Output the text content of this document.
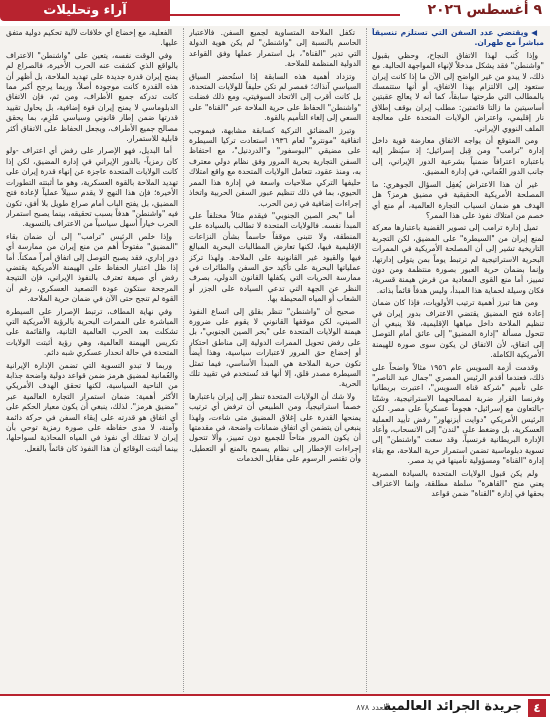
٩ أغسطس ٢٠٢٦
آراء وتحليلات

◀ويقتضي عدد السفن التي تستلزم تنسيقاً مباشراً مع طهران.

وإذا كُتب لهذا الاتفاق النجاح، وحظي بقبول "واشنطن" فقد يشكل مدخلاً لإنهاء المواجهة الحالية. مع ذلك، لا يبدو من غير الواضح إلى الآن ما إذا كانت إيران ستعود إلى الالتزام بهذا الاتفاق، أو أنها ستتمسك بالمطالب التي طرحتها سابقاً، كما أنه لا يعالج عقبتين أساسيتين ما زالتا قائمتين: مطلب إيران بوقف إطلاق نار إقليمي، واعتراض الولايات المتحدة على معالجة الملف النووي الإيراني.

ومن المتوقع أن يواجه الاتفاق معارضة قوية داخل إدارة "ترامب" ومن قِبل إسرائيل؛ إذ سيُنظر إليه باعتباره اعترافاً ضمنياً بشرعية الدور الإيراني، إلى جانب الدور العُماني، في إدارة المضيق.

غير أن هذا الاعتراض يُغفِل السؤال الجوهري: ما المصلحة الأمريكية الحقيقية في مضيق هرمز؟ هل الهدف هو ضمان انسياب التجارة العالمية، أم منع أي خصم من امتلاك نفوذ على هذا الممر؟

تميل إدارة ترامب إلى تصوير القضية باعتبارها معركة لمنع إيران من "السيطرة" على المضيق، لكن التجربة التاريخية تشير إلى أن المصلحة الأمريكية في الممرات البحرية الاستراتيجية لم ترتبط يوماً بمن يتولى إدارتها، وإنما بضمان حرية العبور بصورة منتظمة ومن دون تمييز، أما منع القوى المعادية من فرض هيمنة قسرية، فكان وسيلة لحماية هذا المبدأ، وليس هدفاً قائماً بذاته.

ومن هنا تبرز أهمية ترتيب الأولويات، فإذا كان ضمان إعادة فتح المضيق يقتضي الاعتراف بدور إيران في تنظيم الملاحة داخل مياهها الإقليمية، فلا ينبغي أن تتحول مسألة "إدارة المضيق" إلى عائق أمام التوصل إلى اتفاق، لأن الاتفاق لن يكون سوى صورة للهيمنة الأمريكية الكاملة.

وقدمت أزمة السويس عام ١٩٥٦ مثالاً واضحاً على ذلك، فعندما أقدم الرئيس المصري "جمال عبد الناصر" على تأميم "شركة قناة السويس"، اعتبرت بريطانيا وفرنسا القرار ضربة لمصالحهما الاستراتيجية، وشنّتا -بالتعاون مع إسرائيل- هجوماً عسكرياً على مصر. لكن الرئيس الأمريكي "دوايت أيزنهاور" رفض تأييد العملية العسكرية، بل وضغط على "لندن" إلى الانسحاب، وأعاد الإدارة البريطانية فرنسياً، وقد سعت "واشنطن" إلى تسوية دبلوماسية تضمن استمرار حرية الملاحة، مع بقاء إدارة "القناة" ومسؤولية تأمينها في يد مصر.

ولم يكن قبول الولايات المتحدة بالسيادة المصرية يعني منح "القاهرة" سلطة مطلقة، وإنما الاعتراف بحقها في إدارة "القناة" ضمن قواعد

تكفل الملاحة المتساوية لجميع السفن. فالاعتبار الحاسم بالنسبة إلى "واشنطن" لم يكن هوية الدولة التي تدير "القناة"، بل استمرار عملها وفق القواعد الدولية المنظمة للملاحة.

وتزداد أهمية هذه السابقة إذا استُحضر السياق السياسي آنذاك؛ فمصر لم تكن حليفاً للولايات المتحدة، بل كانت أقرب إلى الاتحاد السوفيتي، ومع ذلك فضلت "واشنطن" الحفاظ على حرية الملاحة عبر "القناة" على السعي إلى إلغاء التأميم بالقوة.

وتبرز المضائق التركية كسابقة مشابهة، فبموجب اتفاقية "مونترو" لعام ١٩٣٦ استعادت تركيا السيطرة على مضيقي "البوسفور" و"الدردنيل"، مع احتفاظ السفن التجارية بحرية المرور وفق نظام دولي معترف به، ومنذ عقود، تتعامل الولايات المتحدة مع واقع امتلاك حليفها التركي صلاحيات واسعة في إدارة هذا الممر الحيوي، بما في ذلك تنظيم عبور السفن الحربية واتخاذ إجراءات إضافية في زمن الحرب.

أما "بحر الصين الجنوبي" فيقدم مثالاً مختلفاً على المبدأ نفسه. فالولايات المتحدة لا تطالب بالسيادة على المنطقة، ولا تتبنى موقفاً حاسماً بشأن النزاعات الإقليمية فيها، لكنها تعارض المطالبات البحرية المبالغ فيها والقيود غير القانونية على الملاحة. ولهذا تركز عملياتها البحرية على تأكيد حق السفن والطائرات في ممارسة الحريات التي يكفلها القانون الدولي، بصرف النظر عن الجهة التي تدعي السيادة على الجزر أو الشعاب أو المياه المحيطة بها.

صحيح أن "واشنطن" تنظر بقلق إلى اتساع النفوذ الصيني، لكن موقفها القانوني لا يقوم على ضرورة هيمنة الولايات المتحدة على "بحر الصين الجنوبي"، بل على رفض تحويل الممرات الدولية إلى مناطق احتكار أو إخضاع حق المرور لاعتبارات سياسية، وهذا أيضاً تكون حرية الملاحة هي المبدأ الأساسي، فيما تمثل السيطرة مصدر قلق، إلا أنها قد تُستخدم في تقييد تلك الحرية.

ولا شك أن الولايات المتحدة تنظر إلى إيران باعتبارها خصماً استراتيجياً، ومن الطبيعي أن ترفض أي ترتيب يمنحها القدرة على إغلاق المضيق متى شاءت، ولهذا ينبغي أن يتضمن أي اتفاق ضمانات واضحة، في مقدمتها أن يكون المرور متاحاً للجميع دون تمييز، وألا تتحول إجراءات الإخطار إلى نظام يسمح بالمنع أو التعطيل، وأن تقتصر الرسوم على مقابل الخدمات

الفعلية، مع إخضاع أي خلافات لآلية تحكيم دولية متفق عليها.

وفي الوقت نفسه، يتعين على "واشنطن" الاعتراف بالواقع الذي كشفت عنه الحرب الأخيرة، فالصراع لم يمنح إيران قدرة جديدة على تهديد الملاحة، بل أظهر أن هذه القدرة كانت موجودة أصلاً، وربما يرجح أكبر مما كانت تدركه جميع الأطراف، ومن ثم، فإن الاتفاق الدبلوماسي لا يمنح إيران قوة إضافية، بل يحاول تقييد قدرتها ضمن إطار قانوني وسياسي مُلزِم، بما يحقق مصالح جميع الأطراف، ويجعل الحفاظ على الاتفاق أكثر قابلية للاستمرار.

أما البديل، فهو الإصرار على رفض أي اعتراف -ولو كان رمزياً- بالدور الإيراني في إدارة المضيق، لكن إذا كانت الولايات المتحدة عاجزة عن إنهاء قدرة إيران على تهديد الملاحة بالقوة العسكرية، وهو ما أثبتته التطورات الأخيرة؛ فإن هذا النهج لا يقدم سبيلاً عملياً لإعادة فتح المضيق، بل يفتح الباب أمام صراع طويل بلا أفق، تكون فيه "واشنطن" هدفاً بسبب تحقيقه، بينما يصبح استمرار الحرب خياراً أسهل سياسياً من الاعتراف بالتسوية.

وإذا خلص الرئيس "ترامب" إلى أن ضمان بقاء "المضيق" مفتوحاً أهم من منع إيران من ممارسة أي دور إداري، فقد يصبح التوصل إلى اتفاق أمراً ممكناً. أما إذا ظل اعتبار الحفاظ على الهيمنة الأمريكية يقتضي رفض أي صيغة تعترف بالنفوذ الإيراني، فإن النتيجة المرجحة ستكون عودة التصعيد العسكري، رغم أن القوة لم تنجح حتى الآن في ضمان حرية الملاحة.

وفي نهاية المطاف، ترتبط الإصرار على السيطرة المباشرة على الممرات البحرية بالرؤية الأمريكية التي تشكلت بعد الحرب العالمية الثانية، والقائمة على تكريس الهيمنة العالمية، وهي رؤية أثبتت الولايات المتحدة في حالة انحدار عسكري شبه دائم.

وربما لا تبدو التسوية التي تضمن الإدارة الإيرانية والعُمانية لمضيق هرمز ضمن قواعد دولية واضحة جذابة من الناحية السياسية، لكنها تحقق الهدف الأمريكي الأكثر أهمية: ضمان استمرار التجارة العالمية عبر "مضيق هرمز". لذلك، ينبغي أن يكون معيار الحكم على أي اتفاق هو قدرته على إبقاء السفن في حركة دائمة وآمنة، لا مدى حفاظه على صورة رمزية توحي بأن إيران لا تمتلك أي نفوذ في المياه المحاذية لسواحلها، بينما أثبتت الوقائع أن هذا النفوذ كان قائماً بالفعل.

٤
جريدة الجرائد العالمية
العدد ٨٧٨
